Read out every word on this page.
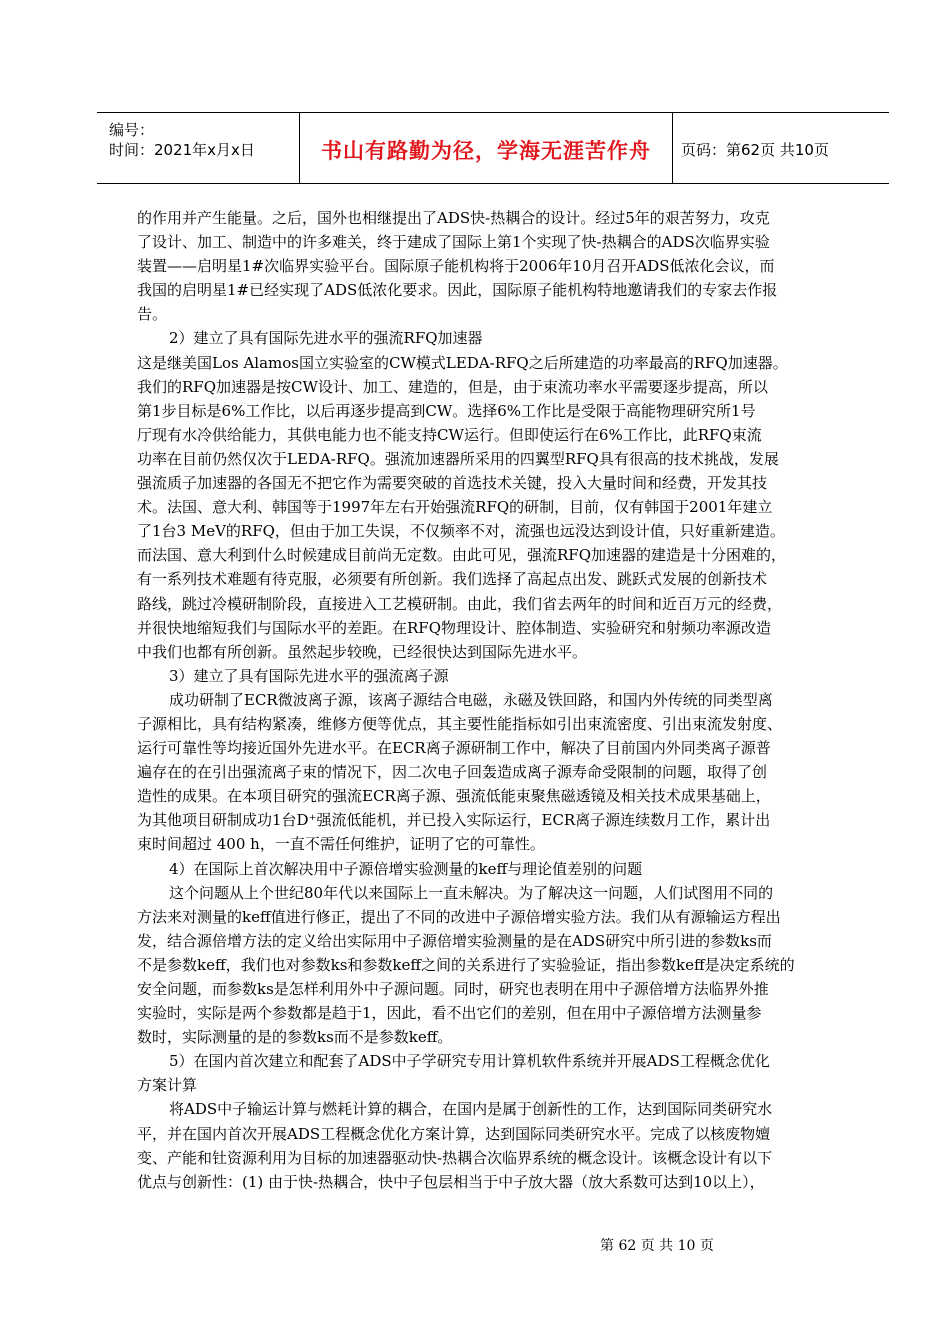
编号：
时间：2021年x月x日	书山有路勤为径，学海无涯苦作舟	页码：第62页 共10页
的作用并产生能量。之后，国外也相继提出了ADS快-热耦合的设计。经过5年的艰苦努力，攻克
了设计、加工、制造中的许多难关，终于建成了国际上第1个实现了快-热耦合的ADS次临界实验
装置——启明星1#次临界实验平台。国际原子能机构将于2006年10月召开ADS低浓化会议，而
我国的启明星1#已经实现了ADS低浓化要求。因此，国际原子能机构特地邀请我们的专家去作报
告。
2）建立了具有国际先进水平的强流RFQ加速器
这是继美国Los Alamos国立实验室的CW模式LEDA-RFQ之后所建造的功率最高的RFQ加速器。
我们的RFQ加速器是按CW设计、加工、建造的，但是，由于束流功率水平需要逐步提高，所以
第1步目标是6%工作比，以后再逐步提高到CW。选择6%工作比是受限于高能物理研究所1号
厅现有水冷供给能力，其供电能力也不能支持CW运行。但即使运行在6%工作比，此RFQ束流
功率在目前仍然仅次于LEDA-RFQ。强流加速器所采用的四翼型RFQ具有很高的技术挑战，发展
强流质子加速器的各国无不把它作为需要突破的首选技术关键，投入大量时间和经费，开发其技
术。法国、意大利、韩国等于1997年左右开始强流RFQ的研制，目前，仅有韩国于2001年建立
了1台3 MeV的RFQ，但由于加工失误，不仅频率不对，流强也远没达到设计值，只好重新建造。
而法国、意大利到什么时候建成目前尚无定数。由此可见，强流RFQ加速器的建造是十分困难的，
有一系列技术难题有待克服，必须要有所创新。我们选择了高起点出发、跳跃式发展的创新技术
路线，跳过冷模研制阶段，直接进入工艺模研制。由此，我们省去两年的时间和近百万元的经费，
并很快地缩短我们与国际水平的差距。在RFQ物理设计、腔体制造、实验研究和射频功率源改造
中我们也都有所创新。虽然起步较晚，已经很快达到国际先进水平。
3）建立了具有国际先进水平的强流离子源
成功研制了ECR微波离子源，该离子源结合电磁，永磁及铁回路，和国内外传统的同类型离
子源相比，具有结构紧凑，维修方便等优点，其主要性能指标如引出束流密度、引出束流发射度、
运行可靠性等均接近国外先进水平。在ECR离子源研制工作中，解决了目前国内外同类离子源普
遍存在的在引出强流离子束的情况下，因二次电子回轰造成离子源寿命受限制的问题，取得了创
造性的成果。在本项目研究的强流ECR离子源、强流低能束聚焦磁透镜及相关技术成果基础上，
为其他项目研制成功1台D⁺强流低能机，并已投入实际运行，ECR离子源连续数月工作，累计出
束时间超过 400 h，一直不需任何维护，证明了它的可靠性。
4）在国际上首次解决用中子源倍增实验测量的keff与理论值差别的问题
这个问题从上个世纪80年代以来国际上一直未解决。为了解决这一问题，人们试图用不同的
方法来对测量的keff值进行修正，提出了不同的改进中子源倍增实验方法。我们从有源输运方程出
发，结合源倍增方法的定义给出实际用中子源倍增实验测量的是在ADS研究中所引进的参数ks而
不是参数keff，我们也对参数ks和参数keff之间的关系进行了实验验证，指出参数keff是决定系统的
安全问题，而参数ks是怎样利用外中子源问题。同时，研究也表明在用中子源倍增方法临界外推
实验时，实际是两个参数都是趋于1，因此，看不出它们的差别，但在用中子源倍增方法测量参
数时，实际测量的是的参数ks而不是参数keff。
5）在国内首次建立和配套了ADS中子学研究专用计算机软件系统并开展ADS工程概念优化
方案计算
将ADS中子输运计算与燃耗计算的耦合，在国内是属于创新性的工作，达到国际同类研究水
平，并在国内首次开展ADS工程概念优化方案计算，达到国际同类研究水平。完成了以核废物嬗
变、产能和钍资源利用为目标的加速器驱动快-热耦合次临界系统的概念设计。该概念设计有以下
优点与创新性：(1) 由于快-热耦合，快中子包层相当于中子放大器（放大系数可达到10以上），
第 62 页 共 10 页
